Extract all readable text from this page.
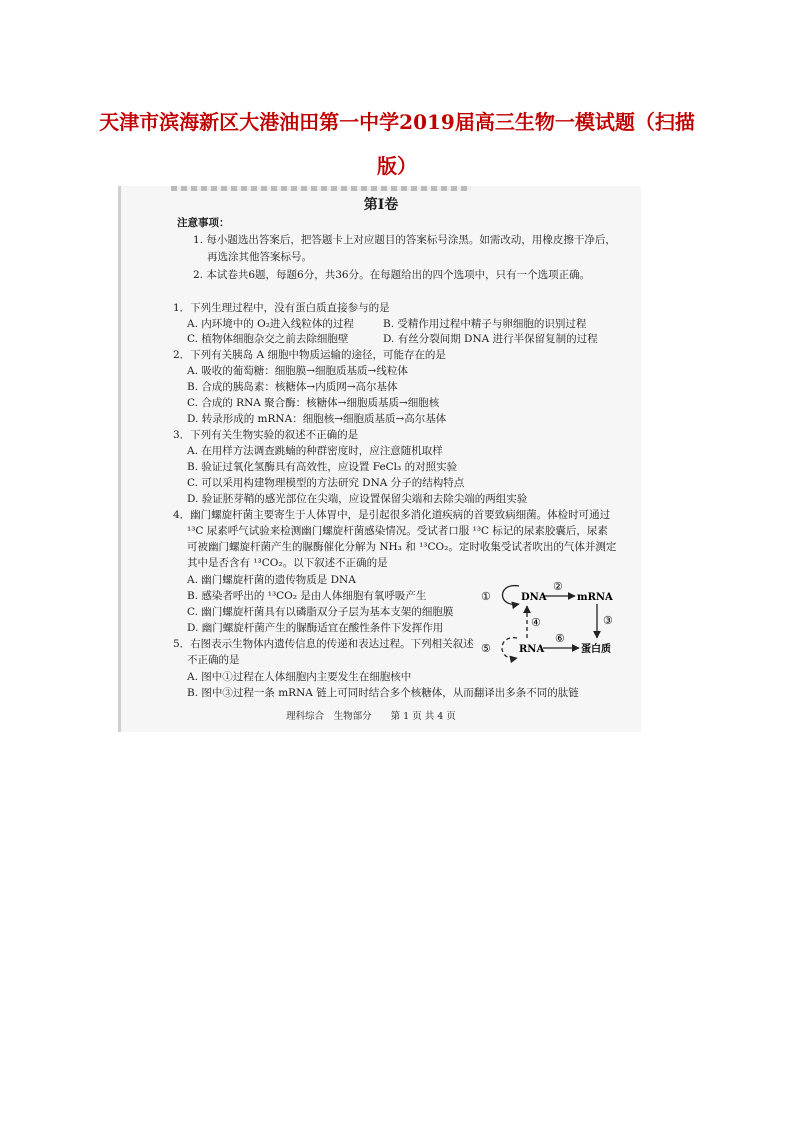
天津市滨海新区大港油田第一中学2019届高三生物一模试题（扫描
版）
第Ⅰ卷
注意事项：
1. 每小题选出答案后，把答题卡上对应题目的答案标号涂黑。如需改动，用橡皮擦干净后，
再选涂其他答案标号。
2. 本试卷共6题，每题6分，共36分。在每题给出的四个选项中，只有一个选项正确。
1．下列生理过程中，没有蛋白质直接参与的是
A. 内环境中的 O₂进入线粒体的过程	B. 受精作用过程中精子与卵细胞的识别过程
C. 植物体细胞杂交之前去除细胞壁	D. 有丝分裂间期 DNA 进行半保留复制的过程
2．下列有关胰岛 A 细胞中物质运输的途径，可能存在的是
A. 吸收的葡萄糖：细胞膜→细胞质基质→线粒体
B. 合成的胰岛素：核糖体→内质网→高尔基体
C. 合成的 RNA 聚合酶：核糖体→细胞质基质→细胞核
D. 转录形成的 mRNA：细胞核→细胞质基质→高尔基体
3．下列有关生物实验的叙述不正确的是
A. 在用样方法调查跳蝻的种群密度时，应注意随机取样
B. 验证过氧化氢酶具有高效性，应设置 FeCl₃ 的对照实验
C. 可以采用构建物理模型的方法研究 DNA 分子的结构特点
D. 验证胚芽鞘的感光部位在尖端，应设置保留尖端和去除尖端的两组实验
4．幽门螺旋杆菌主要寄生于人体胃中，是引起很多消化道疾病的首要致病细菌。体检时可通过
¹³C 尿素呼气试验来检测幽门螺旋杆菌感染情况。受试者口服 ¹³C 标记的尿素胶囊后，尿素
可被幽门螺旋杆菌产生的脲酶催化分解为 NH₃ 和 ¹³CO₂。定时收集受试者吹出的气体并测定
其中是否含有 ¹³CO₂。以下叙述不正确的是
A. 幽门螺旋杆菌的遗传物质是 DNA
B. 感染者呼出的 ¹³CO₂ 是由人体细胞有氧呼吸产生
C. 幽门螺旋杆菌具有以磷脂双分子层为基本支架的细胞膜
D. 幽门螺旋杆菌产生的脲酶适宜在酸性条件下发挥作用
5．右图表示生物体内遗传信息的传递和表达过程。下列相关叙述
不正确的是
A. 图中①过程在人体细胞内主要发生在细胞核中
B. 图中③过程一条 mRNA 链上可同时结合多个核糖体，从而翻译出多条不同的肽链
DNA	mRNA
RNA	蛋白质
①
②
③
④
⑤
⑥
理科综合　生物部分　　第 1 页 共 4 页
